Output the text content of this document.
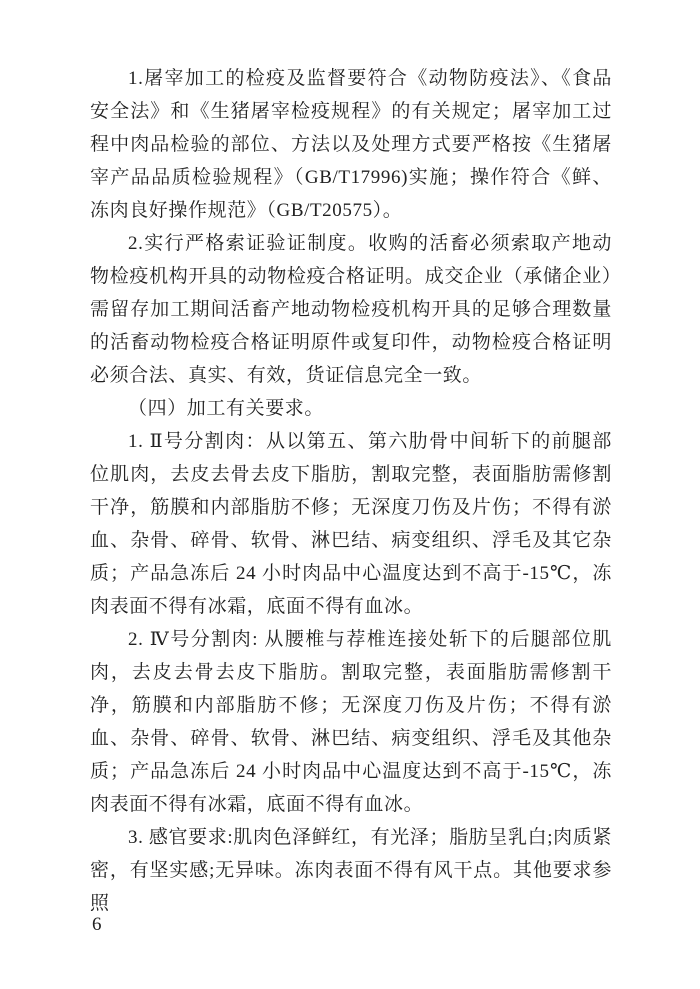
1.屠宰加工的检疫及监督要符合《动物防疫法》、《食品安全法》和《生猪屠宰检疫规程》的有关规定；屠宰加工过程中肉品检验的部位、方法以及处理方式要严格按《生猪屠宰产品品质检验规程》（GB/T17996)实施；操作符合《鲜、冻肉良好操作规范》（GB/T20575）。

2.实行严格索证验证制度。收购的活畜必须索取产地动物检疫机构开具的动物检疫合格证明。成交企业（承储企业）需留存加工期间活畜产地动物检疫机构开具的足够合理数量的活畜动物检疫合格证明原件或复印件，动物检疫合格证明必须合法、真实、有效，货证信息完全一致。

（四）加工有关要求。

1. Ⅱ号分割肉：从以第五、第六肋骨中间斩下的前腿部位肌肉，去皮去骨去皮下脂肪，割取完整，表面脂肪需修割干净，筋膜和内部脂肪不修；无深度刀伤及片伤；不得有淤血、杂骨、碎骨、软骨、淋巴结、病变组织、浮毛及其它杂质；产品急冻后 24 小时肉品中心温度达到不高于-15℃，冻肉表面不得有冰霜，底面不得有血冰。

2. Ⅳ号分割肉: 从腰椎与荐椎连接处斩下的后腿部位肌肉，去皮去骨去皮下脂肪。割取完整，表面脂肪需修割干净，筋膜和内部脂肪不修；无深度刀伤及片伤；不得有淤血、杂骨、碎骨、软骨、淋巴结、病变组织、浮毛及其他杂质；产品急冻后 24 小时肉品中心温度达到不高于-15℃，冻肉表面不得有冰霜，底面不得有血冰。

3. 感官要求:肌肉色泽鲜红，有光泽；脂肪呈乳白;肉质紧密，有坚实感;无异味。冻肉表面不得有风干点。其他要求参照

6
